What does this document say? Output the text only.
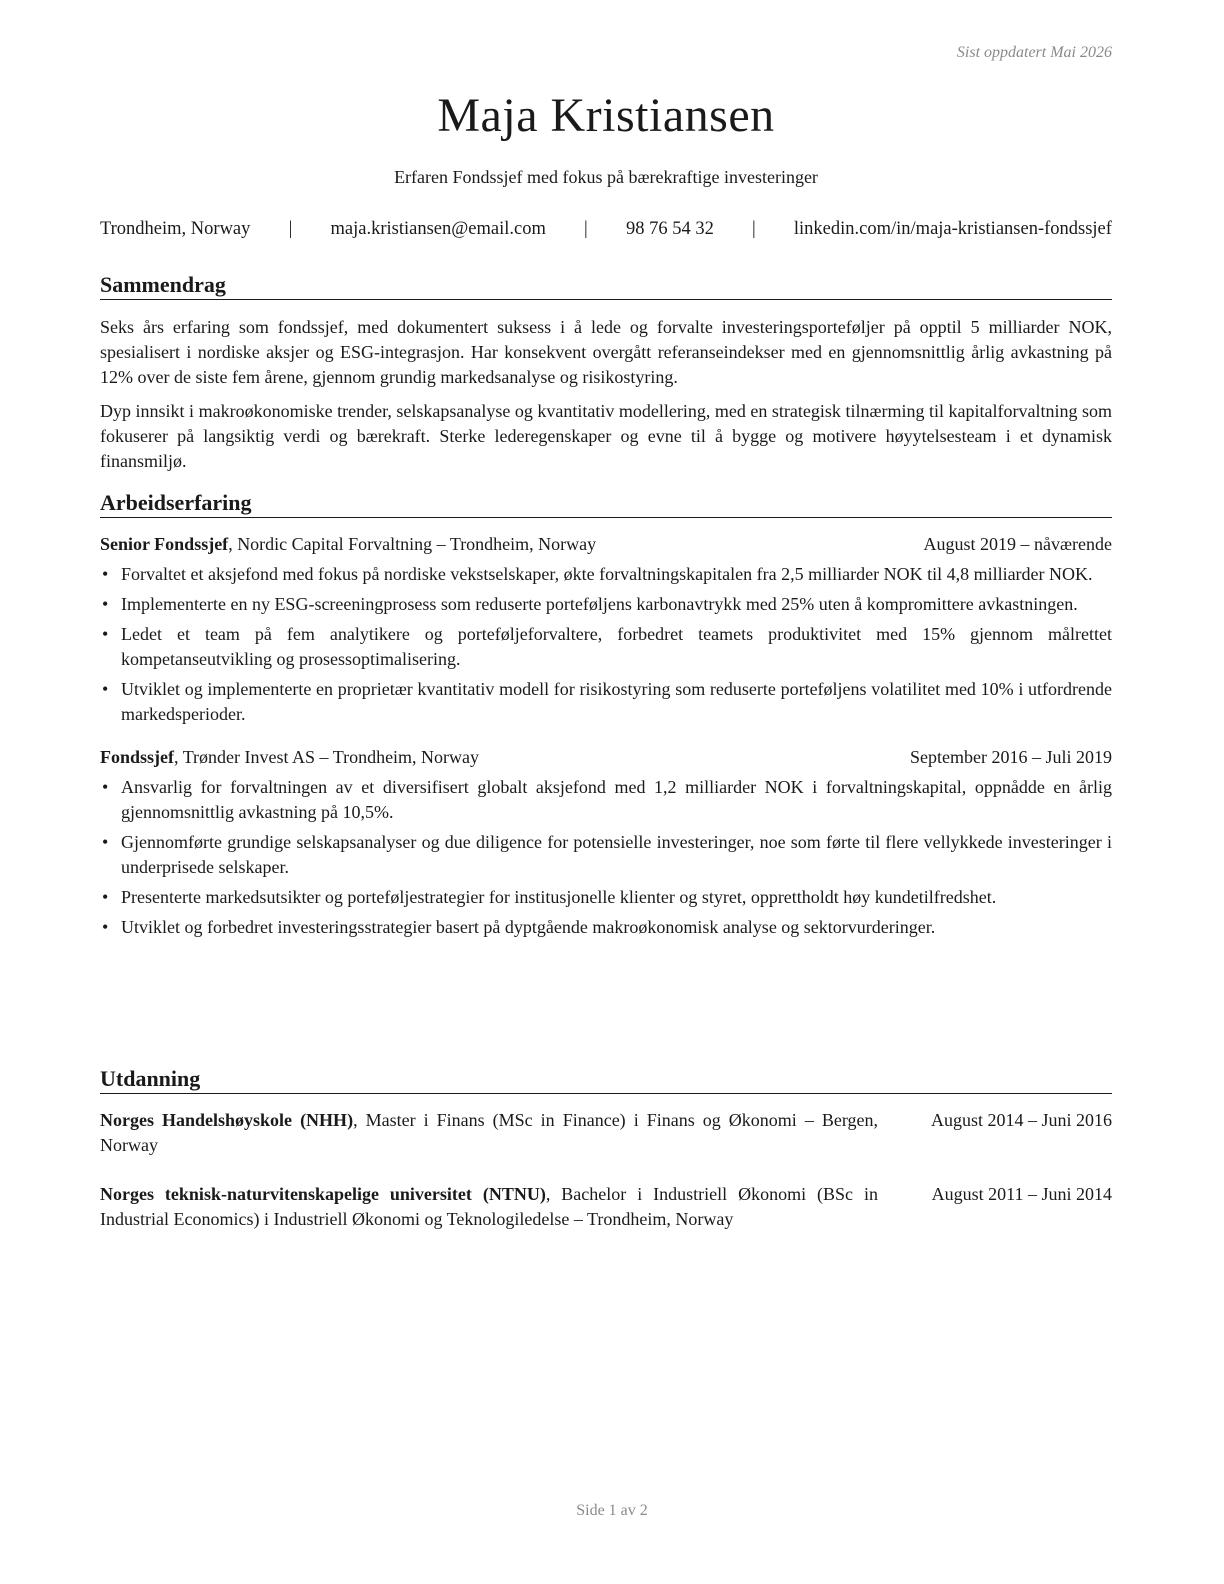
Sist oppdatert Mai 2026
Maja Kristiansen
Erfaren Fondssjef med fokus på bærekraftige investeringer
Trondheim, Norway | maja.kristiansen@email.com | 98 76 54 32 | linkedin.com/in/maja-kristiansen-fondssjef
Sammendrag

Seks års erfaring som fondssjef, med dokumentert suksess i å lede og forvalte investeringsporteføljer på opptil 5 milliarder NOK, spesialisert i nordiske aksjer og ESG-integrasjon. Har konsekvent overgått referanseindekser med en gjennomsnittlig årlig avkastning på 12% over de siste fem årene, gjennom grundig markedsanalyse og risikostyring.

Dyp innsikt i makroøkonomiske trender, selskapsanalyse og kvantitativ modellering, med en strategisk tilnærming til kapitalforvaltning som fokuserer på langsiktig verdi og bærekraft. Sterke lederegenskaper og evne til å bygge og motivere høyytelsesteam i et dynamisk finansmiljø.

Arbeidserfaring
Senior Fondssjef, Nordic Capital Forvaltning – Trondheim, Norway	August 2019 – nåværende
• Forvaltet et aksjefond med fokus på nordiske vekstselskaper, økte forvaltningskapitalen fra 2,5 milliarder NOK til 4,8 milliarder NOK.
• Implementerte en ny ESG-screeningprosess som reduserte porteføljens karbonavtrykk med 25% uten å kompromittere avkastningen.
• Ledet et team på fem analytikere og porteføljeforvaltere, forbedret teamets produktivitet med 15% gjennom målrettet kompetanseutvikling og prosessoptimalisering.
• Utviklet og implementerte en proprietær kvantitativ modell for risikostyring som reduserte porteføljens volatilitet med 10% i utfordrende markedsperioder.
Fondssjef, Trønder Invest AS – Trondheim, Norway	September 2016 – Juli 2019
• Ansvarlig for forvaltningen av et diversifisert globalt aksjefond med 1,2 milliarder NOK i forvaltningskapital, oppnådde en årlig gjennomsnittlig avkastning på 10,5%.
• Gjennomførte grundige selskapsanalyser og due diligence for potensielle investeringer, noe som førte til flere vellykkede investeringer i underprisede selskaper.
• Presenterte markedsutsikter og porteføljestrategier for institusjonelle klienter og styret, opprettholdt høy kundetilfredshet.
• Utviklet og forbedret investeringsstrategier basert på dyptgående makroøkonomisk analyse og sektorvurderinger.
Utdanning
Norges Handelshøyskole (NHH), Master i Finans (MSc in Finance) i Finans og Økonomi – Bergen, Norway
August 2014 – Juni 2016
Norges teknisk-naturvitenskapelige universitet (NTNU), Bachelor i Industriell Økonomi (BSc in Industrial Economics) i Industriell Økonomi og Teknologiledelse – Trondheim, Norway
August 2011 – Juni 2014
Side 1 av 2
